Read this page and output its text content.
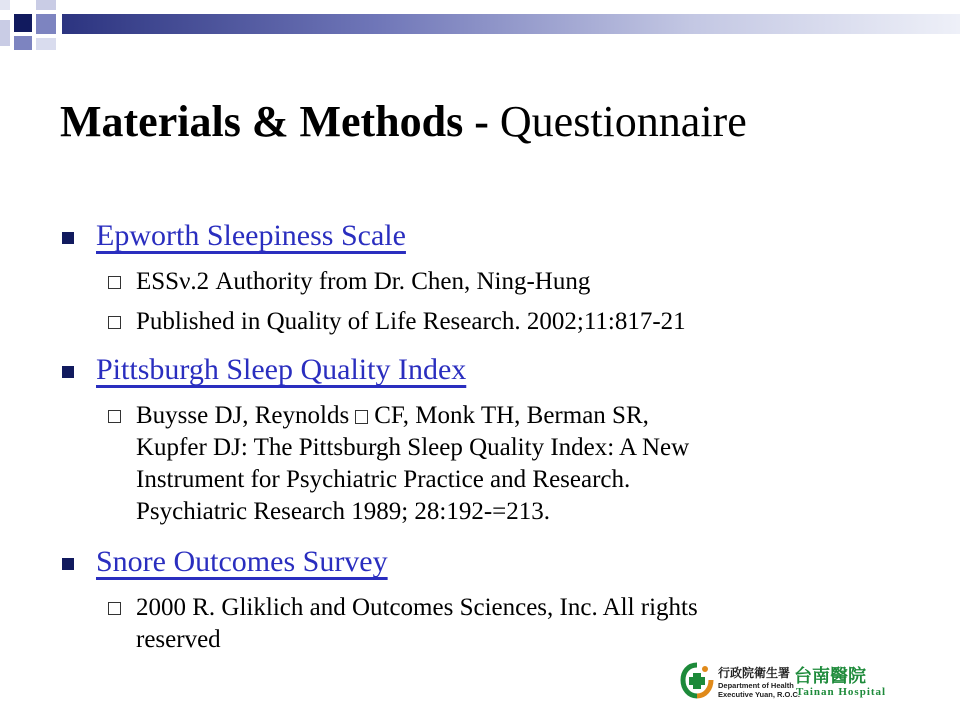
Materials & Methods - Questionnaire
Epworth Sleepiness Scale
ESSν.2 Authority from Dr. Chen, Ning-Hung
Published in Quality of Life Research. 2002;11:817-21
Pittsburgh Sleep Quality Index
Buysse DJ, Reynolds CF, Monk TH, Berman SR,
Kupfer DJ: The Pittsburgh Sleep Quality Index: A New
Instrument for Psychiatric Practice and Research.
Psychiatric Research 1989; 28:192-=213.
Snore Outcomes Survey
2000 R. Gliklich and Outcomes Sciences, Inc. All rights
reserved
行政院衛生署
Department of Health
Executive Yuan, R.O.C.
台南醫院
Tainan Hospital
